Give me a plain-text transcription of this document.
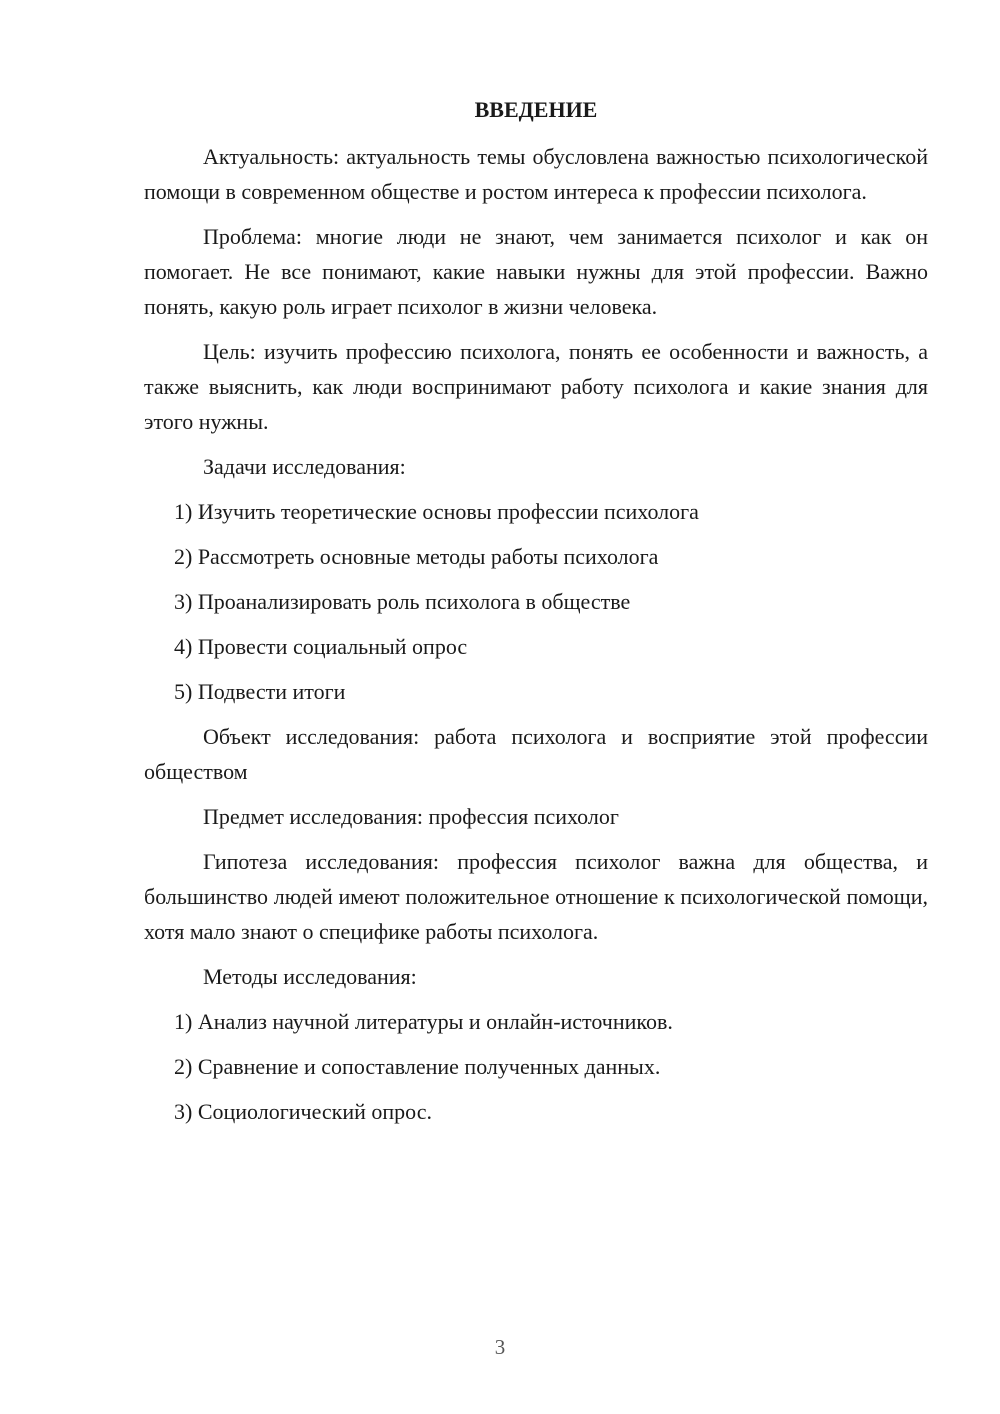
ВВЕДЕНИЕ

Актуальность: актуальность темы обусловлена важностью психологической помощи в современном обществе и ростом интереса к профессии психолога.

Проблема: многие люди не знают, чем занимается психолог и как он помогает. Не все понимают, какие навыки нужны для этой профессии. Важно понять, какую роль играет психолог в жизни человека.

Цель: изучить профессию психолога, понять ее особенности и важность, а также выяснить, как люди воспринимают работу психолога и какие знания для этого нужны.

Задачи исследования:

1) Изучить теоретические основы профессии психолога
2) Рассмотреть основные методы работы психолога
3) Проанализировать роль психолога в обществе
4) Провести социальный опрос
5) Подвести итоги

Объект исследования: работа психолога и восприятие этой профессии обществом

Предмет исследования: профессия психолог

Гипотеза исследования: профессия психолог важна для общества, и большинство людей имеют положительное отношение к психологической помощи, хотя мало знают о специфике работы психолога.

Методы исследования:

1) Анализ научной литературы и онлайн-источников.
2) Сравнение и сопоставление полученных данных.
3) Социологический опрос.
3
